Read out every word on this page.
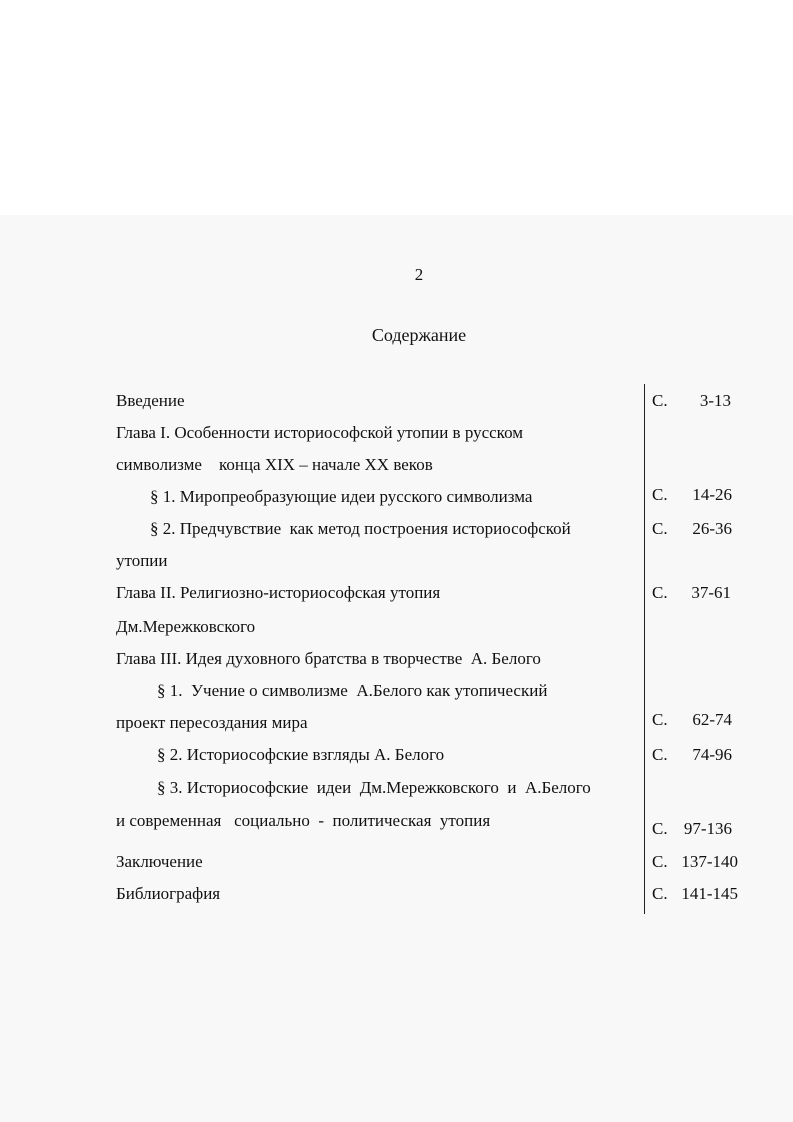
2
Содержание
Введение
Глава I. Особенности историософской утопии в русском
символизме    конца XIX – начале XX веков
§ 1. Миропреобразующие идеи русского символизма
§ 2. Предчувствие  как метод построения историософской
утопии
Глава II. Религиозно-историософская утопия
Дм.Мережковского
Глава III. Идея духовного братства в творчестве  А. Белого
§ 1.  Учение о символизме  А.Белого как утопический
проект пересоздания мира
§ 2. Историософские взгляды А. Белого
§ 3. Историософские  идеи  Дм.Мережковского  и  А.Белого
и современная   социально  -  политическая  утопия
Заключение
Библиография
С. 3-13
С. 14-26
С. 26-36
С. 37-61
С. 62-74
С. 74-96
С. 97-136
С. 137-140
С. 141-145
